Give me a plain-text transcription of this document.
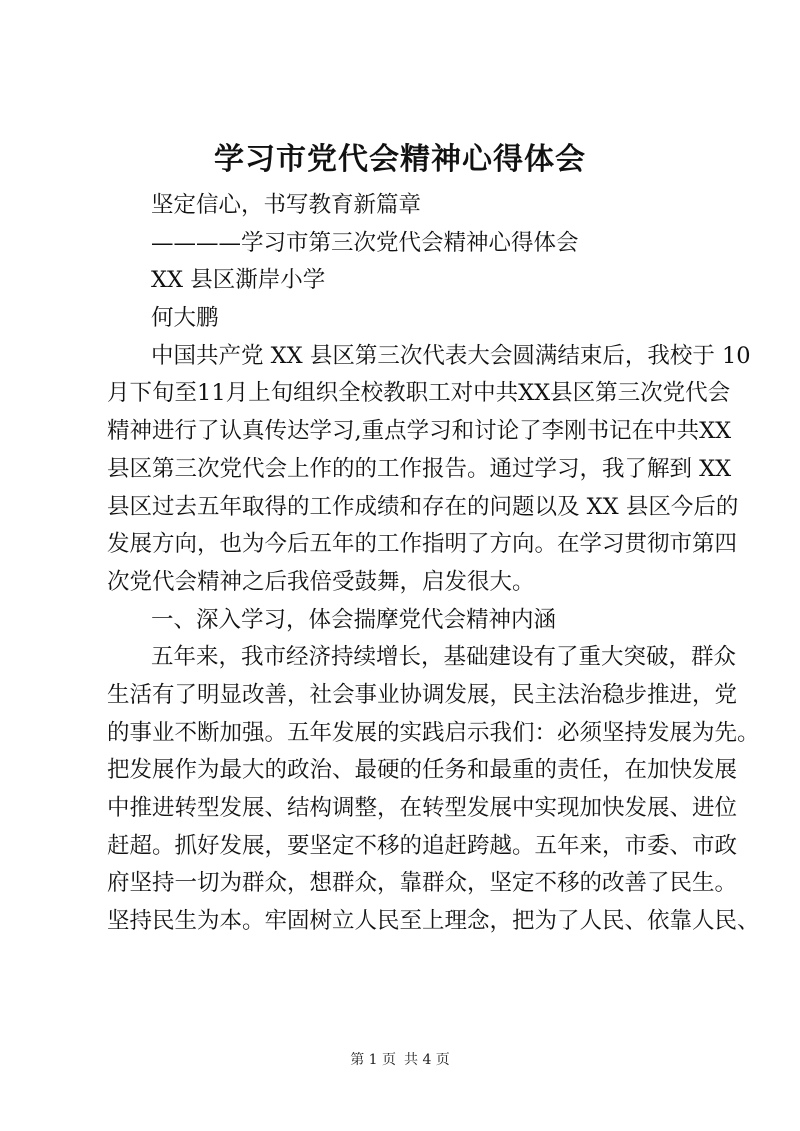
学习市党代会精神心得体会
坚定信心，书写教育新篇章
————学习市第三次党代会精神心得体会
XX 县区澌岸小学
何大鹏
中国共产党 XX 县区第三次代表大会圆满结束后，我校于 10
月下旬至11月上旬组织全校教职工对中共XX县区第三次党代会
精神进行了认真传达学习,重点学习和讨论了李刚书记在中共XX
县区第三次党代会上作的的工作报告。通过学习，我了解到 XX
县区过去五年取得的工作成绩和存在的问题以及 XX 县区今后的
发展方向，也为今后五年的工作指明了方向。在学习贯彻市第四
次党代会精神之后我倍受鼓舞，启发很大。
一、深入学习，体会揣摩党代会精神内涵
五年来，我市经济持续增长，基础建设有了重大突破，群众
生活有了明显改善，社会事业协调发展，民主法治稳步推进，党
的事业不断加强。五年发展的实践启示我们：必须坚持发展为先。
把发展作为最大的政治、最硬的任务和最重的责任，在加快发展
中推进转型发展、结构调整，在转型发展中实现加快发展、进位
赶超。抓好发展，要坚定不移的追赶跨越。五年来，市委、市政
府坚持一切为群众，想群众，靠群众，坚定不移的改善了民生。
坚持民生为本。牢固树立人民至上理念，把为了人民、依靠人民、
第 1 页 共 4 页
